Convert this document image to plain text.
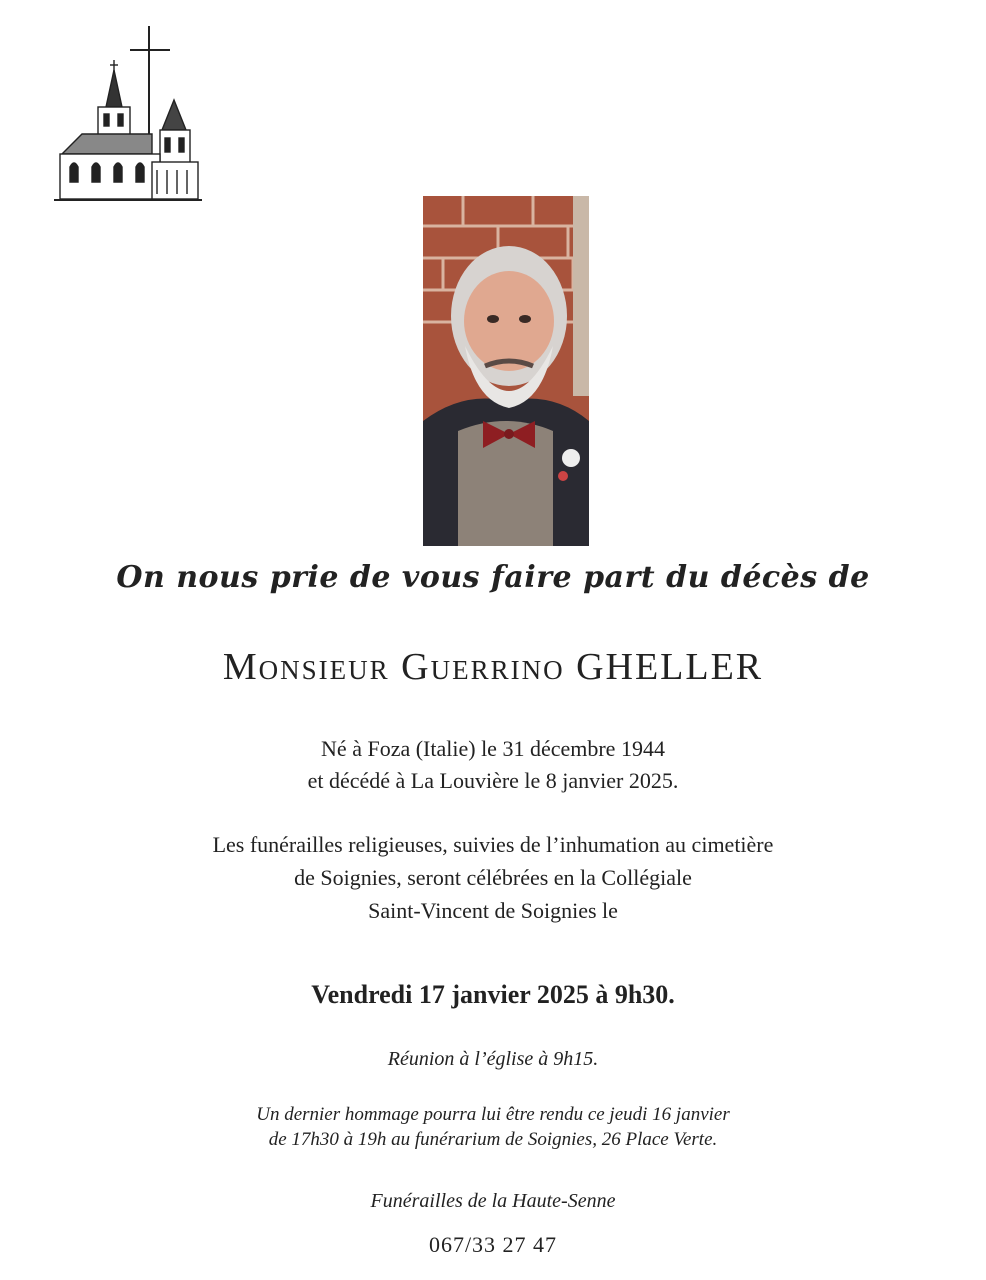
On nous prie de vous faire part du décès de
Monsieur Guerrino GHELLER
Né à Foza (Italie) le 31 décembre 1944
et décédé à La Louvière le 8 janvier 2025.
Les funérailles religieuses, suivies de l’inhumation au cimetière
de Soignies, seront célébrées en la Collégiale
Saint-Vincent de Soignies le
Vendredi 17 janvier 2025 à 9h30.
Réunion à l’église à 9h15.
Un dernier hommage pourra lui être rendu ce jeudi 16 janvier
de 17h30 à 19h au funérarium de Soignies, 26 Place Verte.
Funérailles de la Haute-Senne
067/33 27 47
